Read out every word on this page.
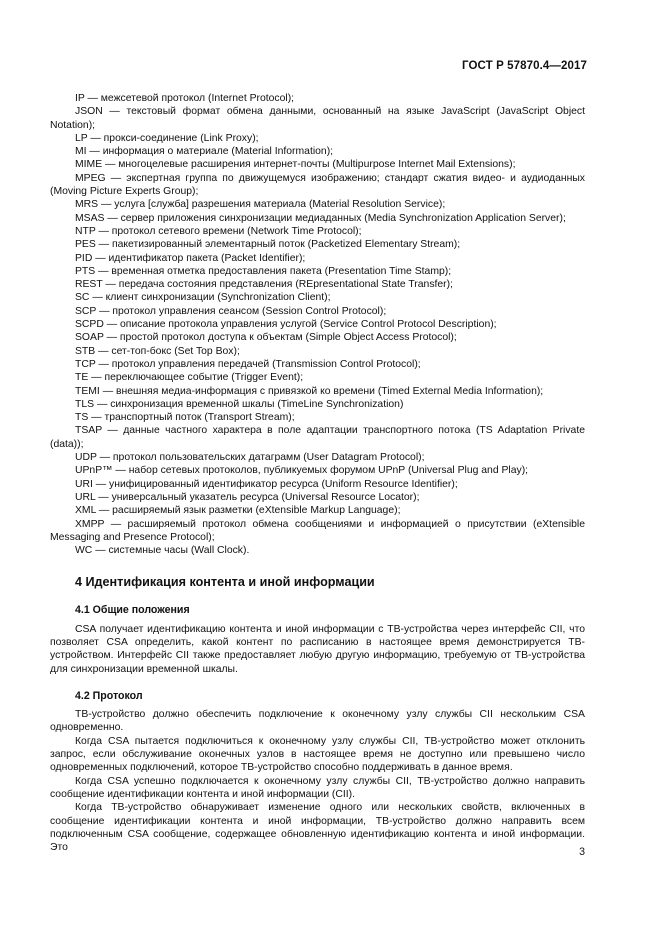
ГОСТ Р 57870.4—2017
IP — межсетевой протокол (Internet Protocol);
JSON — текстовый формат обмена данными, основанный на языке JavaScript (JavaScript Object Notation);
LP — прокси-соединение (Link Proxy);
MI — информация о материале (Material Information);
MIME — многоцелевые расширения интернет-почты (Multipurpose Internet Mail Extensions);
MPEG — экспертная группа по движущемуся изображению; стандарт сжатия видео- и аудиоданных (Moving Picture Experts Group);
MRS — услуга [служба] разрешения материала (Material Resolution Service);
MSAS — сервер приложения синхронизации медиаданных (Media Synchronization Application Server);
NTP — протокол сетевого времени (Network Time Protocol);
PES — пакетизированный элементарный поток (Packetized Elementary Stream);
PID — идентификатор пакета (Packet Identifier);
PTS — временная отметка предоставления пакета (Presentation Time Stamp);
REST — передача состояния представления (REpresentational State Transfer);
SC — клиент синхронизации (Synchronization Client);
SCP — протокол управления сеансом (Session Control Protocol);
SCPD — описание протокола управления услугой (Service Control Protocol Description);
SOAP — простой протокол доступа к объектам (Simple Object Access Protocol);
STB — сет-топ-бокс (Set Top Box);
TCP — протокол управления передачей (Transmission Control Protocol);
TE — переключающее событие (Trigger Event);
TEMI — внешняя медиа-информация с привязкой ко времени (Timed External Media Information);
TLS — синхронизация временной шкалы (TimeLine Synchronization)
TS — транспортный поток (Transport Stream);
TSAP — данные частного характера в поле адаптации транспортного потока (TS Adaptation Private (data));
UDP — протокол пользовательских датаграмм (User Datagram Protocol);
UPnP™ — набор сетевых протоколов, публикуемых форумом UPnP (Universal Plug and Play);
URI — унифицированный идентификатор ресурса (Uniform Resource Identifier);
URL — универсальный указатель ресурса (Universal Resource Locator);
XML — расширяемый язык разметки (eXtensible Markup Language);
XMPP — расширяемый протокол обмена сообщениями и информацией о присутствии (eXtensible Messaging and Presence Protocol);
WC — системные часы (Wall Clock).
4 Идентификация контента и иной информации
4.1 Общие положения
CSA получает идентификацию контента и иной информации с ТВ-устройства через интерфейс CII, что позволяет CSA определить, какой контент по расписанию в настоящее время демонстрируется ТВ-устройством. Интерфейс CII также предоставляет любую другую информацию, требуемую от ТВ-устройства для синхронизации временной шкалы.
4.2 Протокол
ТВ-устройство должно обеспечить подключение к оконечному узлу службы CII нескольким CSA одновременно.
Когда CSA пытается подключиться к оконечному узлу службы CII, ТВ-устройство может отклонить запрос, если обслуживание оконечных узлов в настоящее время не доступно или превышено число одновременных подключений, которое ТВ-устройство способно поддерживать в данное время.
Когда CSA успешно подключается к оконечному узлу службы CII, ТВ-устройство должно направить сообщение идентификации контента и иной информации (CII).
Когда ТВ-устройство обнаруживает изменение одного или нескольких свойств, включенных в сообщение идентификации контента и иной информации, ТВ-устройство должно направить всем подключенным CSA сообщение, содержащее обновленную идентификацию контента и иной информации. Это	3
